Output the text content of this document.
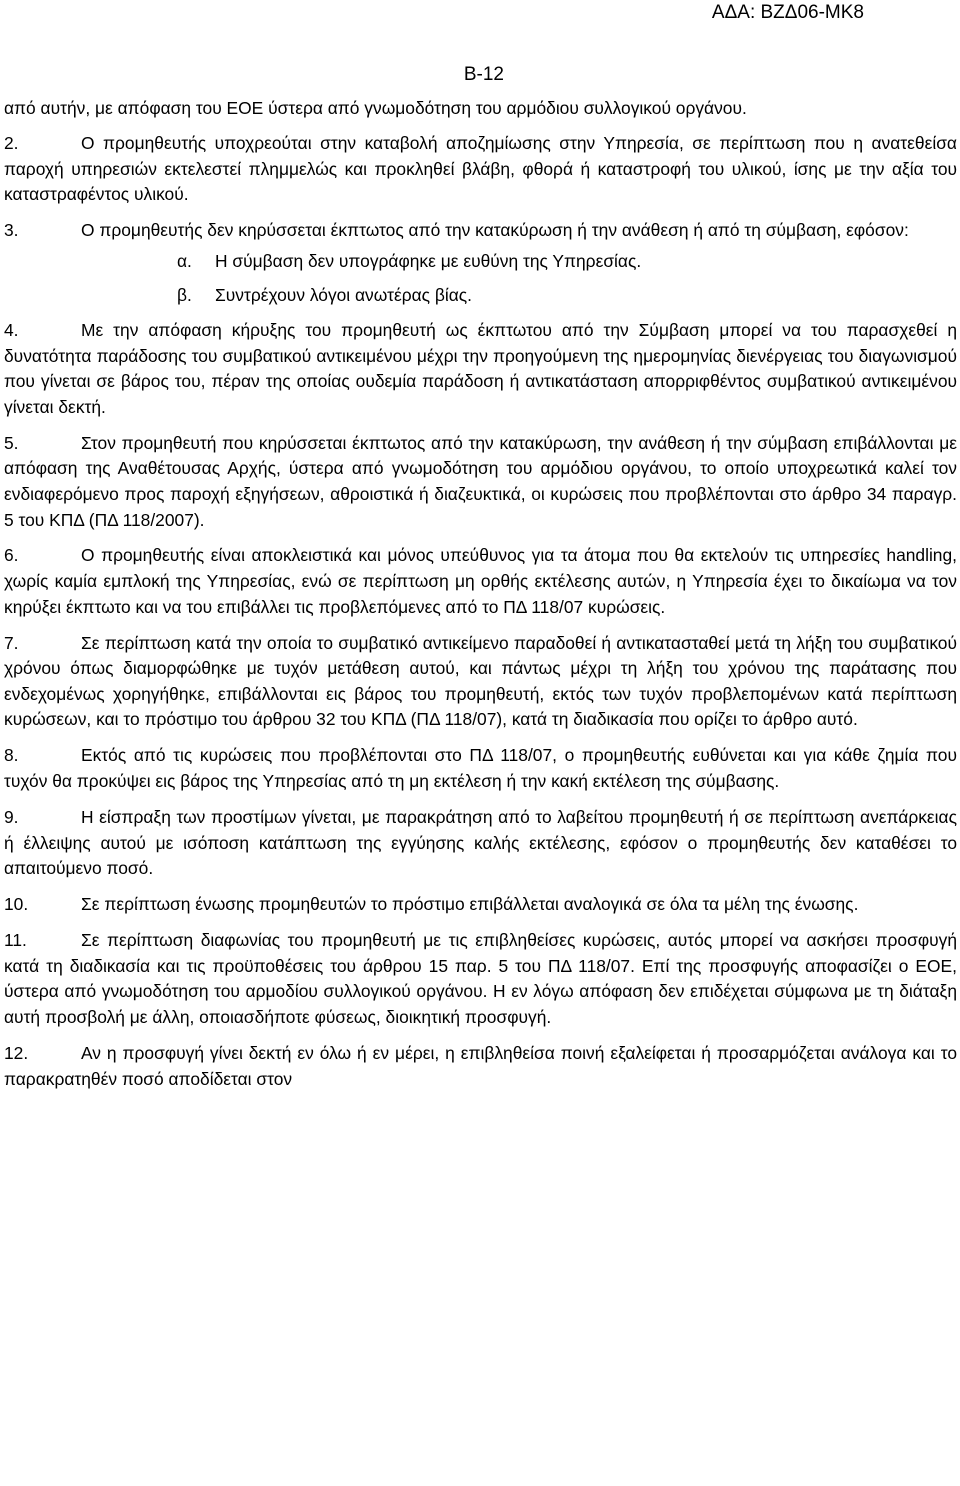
ΑΔΑ: ΒΖΔ06-ΜΚ8
Β-12

από αυτήν, με απόφαση του ΕΟΕ ύστερα από γνωμοδότηση του αρμόδιου συλλογικού οργάνου.

2.	Ο προμηθευτής υποχρεούται στην καταβολή αποζημίωσης στην Υπηρεσία, σε περίπτωση που η ανατεθείσα παροχή υπηρεσιών εκτελεστεί πλημμελώς και προκληθεί βλάβη, φθορά ή καταστροφή του υλικού, ίσης με την αξία του καταστραφέντος υλικού.

3.	Ο προμηθευτής δεν κηρύσσεται έκπτωτος από την κατακύρωση ή την ανάθεση ή από τη σύμβαση, εφόσον:

α. Η σύμβαση δεν υπογράφηκε με ευθύνη της Υπηρεσίας.

β. Συντρέχουν λόγοι ανωτέρας βίας.

4.	Με την απόφαση κήρυξης του προμηθευτή ως έκπτωτου από την Σύμβαση μπορεί να του παρασχεθεί η δυνατότητα παράδοσης του συμβατικού αντικειμένου μέχρι την προηγούμενη της ημερομηνίας διενέργειας του διαγωνισμού που γίνεται σε βάρος του, πέραν της οποίας ουδεμία παράδοση ή αντικατάσταση απορριφθέντος συμβατικού αντικειμένου γίνεται δεκτή.

5.	Στον προμηθευτή που κηρύσσεται έκπτωτος από την κατακύρωση, την ανάθεση ή την σύμβαση επιβάλλονται με απόφαση της Αναθέτουσας Αρχής, ύστερα από γνωμοδότηση του αρμόδιου οργάνου, το οποίο υποχρεωτικά καλεί τον ενδιαφερόμενο προς παροχή εξηγήσεων, αθροιστικά ή διαζευκτικά, οι κυρώσεις που προβλέπονται στο άρθρο 34 παραγρ. 5 του ΚΠΔ (ΠΔ 118/2007).

6.	Ο προμηθευτής είναι αποκλειστικά και μόνος υπεύθυνος για τα άτομα που θα εκτελούν τις υπηρεσίες handling, χωρίς καμία εμπλοκή της Υπηρεσίας, ενώ σε περίπτωση μη ορθής εκτέλεσης αυτών, η Υπηρεσία έχει το δικαίωμα να τον κηρύξει έκπτωτο και να του επιβάλλει τις προβλεπόμενες από το ΠΔ 118/07 κυρώσεις.

7.	Σε περίπτωση κατά την οποία το συμβατικό αντικείμενο παραδοθεί ή αντικατασταθεί μετά τη λήξη του συμβατικού χρόνου όπως διαμορφώθηκε με τυχόν μετάθεση αυτού, και πάντως μέχρι τη λήξη του χρόνου της παράτασης που ενδεχομένως χορηγήθηκε, επιβάλλονται εις βάρος του προμηθευτή, εκτός των τυχόν προβλεπομένων κατά περίπτωση κυρώσεων, και το πρόστιμο του άρθρου 32 του ΚΠΔ (ΠΔ 118/07), κατά τη διαδικασία που ορίζει το άρθρο αυτό.

8.	Εκτός από τις κυρώσεις που προβλέπονται στο ΠΔ 118/07, ο προμηθευτής ευθύνεται και για κάθε ζημία που τυχόν θα προκύψει εις βάρος της Υπηρεσίας από τη μη εκτέλεση ή την κακή εκτέλεση της σύμβασης.

9.	Η είσπραξη των προστίμων γίνεται, με παρακράτηση από το λαβείτου προμηθευτή ή σε περίπτωση ανεπάρκειας ή έλλειψης αυτού με ισόποση κατάπτωση της εγγύησης καλής εκτέλεσης, εφόσον ο προμηθευτής δεν καταθέσει το απαιτούμενο ποσό.

10.	Σε περίπτωση ένωσης προμηθευτών το πρόστιμο επιβάλλεται αναλογικά σε όλα τα μέλη της ένωσης.

11.	Σε περίπτωση διαφωνίας του προμηθευτή με τις επιβληθείσες κυρώσεις, αυτός μπορεί να ασκήσει προσφυγή κατά τη διαδικασία και τις προϋποθέσεις του άρθρου 15 παρ. 5 του ΠΔ 118/07. Επί της προσφυγής αποφασίζει ο ΕΟΕ, ύστερα από γνωμοδότηση του αρμοδίου συλλογικού οργάνου. Η εν λόγω απόφαση δεν επιδέχεται σύμφωνα με τη διάταξη αυτή προσβολή με άλλη, οποιασδήποτε φύσεως, διοικητική προσφυγή.

12.	Αν η προσφυγή γίνει δεκτή εν όλω ή εν μέρει, η επιβληθείσα ποινή εξαλείφεται ή προσαρμόζεται ανάλογα και το παρακρατηθέν ποσό αποδίδεται στον
